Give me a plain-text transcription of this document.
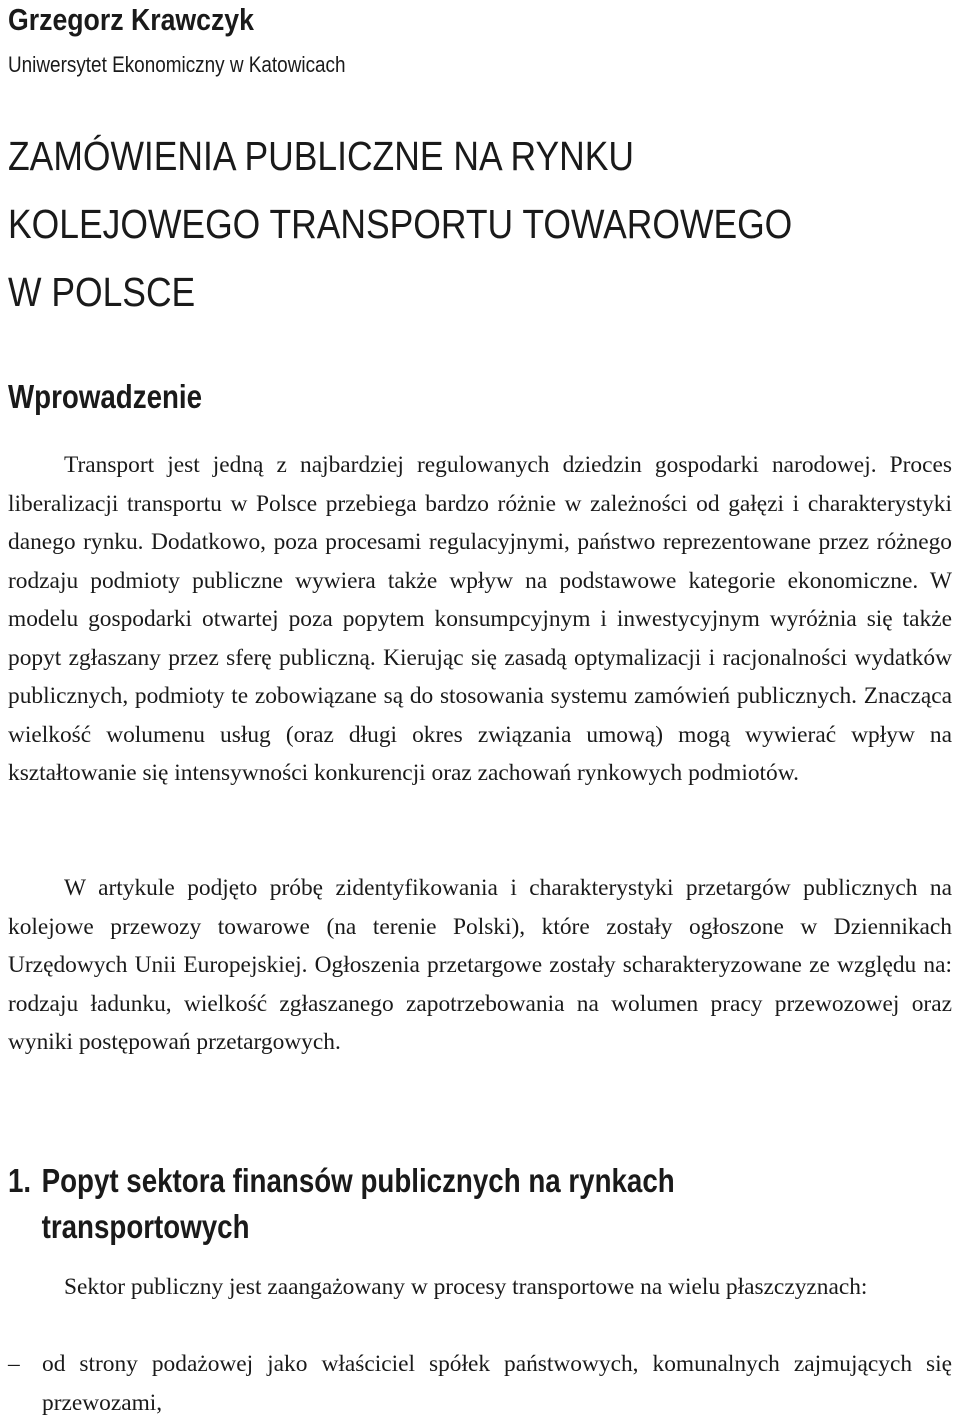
Grzegorz Krawczyk
Uniwersytet Ekonomiczny w Katowicach
ZAMÓWIENIA PUBLICZNE NA RYNKU
KOLEJOWEGO TRANSPORTU TOWAROWEGO
W POLSCE
Wprowadzenie

Transport jest jedną z najbardziej regulowanych dziedzin gospodarki narodowej. Proces liberalizacji transportu w Polsce przebiega bardzo różnie w zależności od gałęzi i charakterystyki danego rynku. Dodatkowo, poza procesami regulacyjnymi, państwo reprezentowane przez różnego rodzaju podmioty publiczne wywiera także wpływ na podstawowe kategorie ekonomiczne. W modelu gospodarki otwartej poza popytem konsumpcyjnym i inwestycyjnym wyróżnia się także popyt zgłaszany przez sferę publiczną. Kierując się zasadą optymalizacji i racjonalności wydatków publicznych, podmioty te zobowiązane są do stosowania systemu zamówień publicznych. Znacząca wielkość wolumenu usług (oraz długi okres związania umową) mogą wywierać wpływ na kształtowanie się intensywności konkurencji oraz zachowań rynkowych podmiotów.

W artykule podjęto próbę zidentyfikowania i charakterystyki przetargów publicznych na kolejowe przewozy towarowe (na terenie Polski), które zostały ogłoszone w Dziennikach Urzędowych Unii Europejskiej. Ogłoszenia przetargowe zostały scharakteryzowane ze względu na: rodzaju ładunku, wielkość zgłaszanego zapotrzebowania na wolumen pracy przewozowej oraz wyniki postępowań przetargowych.

1. Popyt sektora finansów publicznych na rynkach
transportowych

Sektor publiczny jest zaangażowany w procesy transportowe na wielu płaszczyznach:

– od strony podażowej jako właściciel spółek państwowych, komunalnych zajmujących się przewozami,
